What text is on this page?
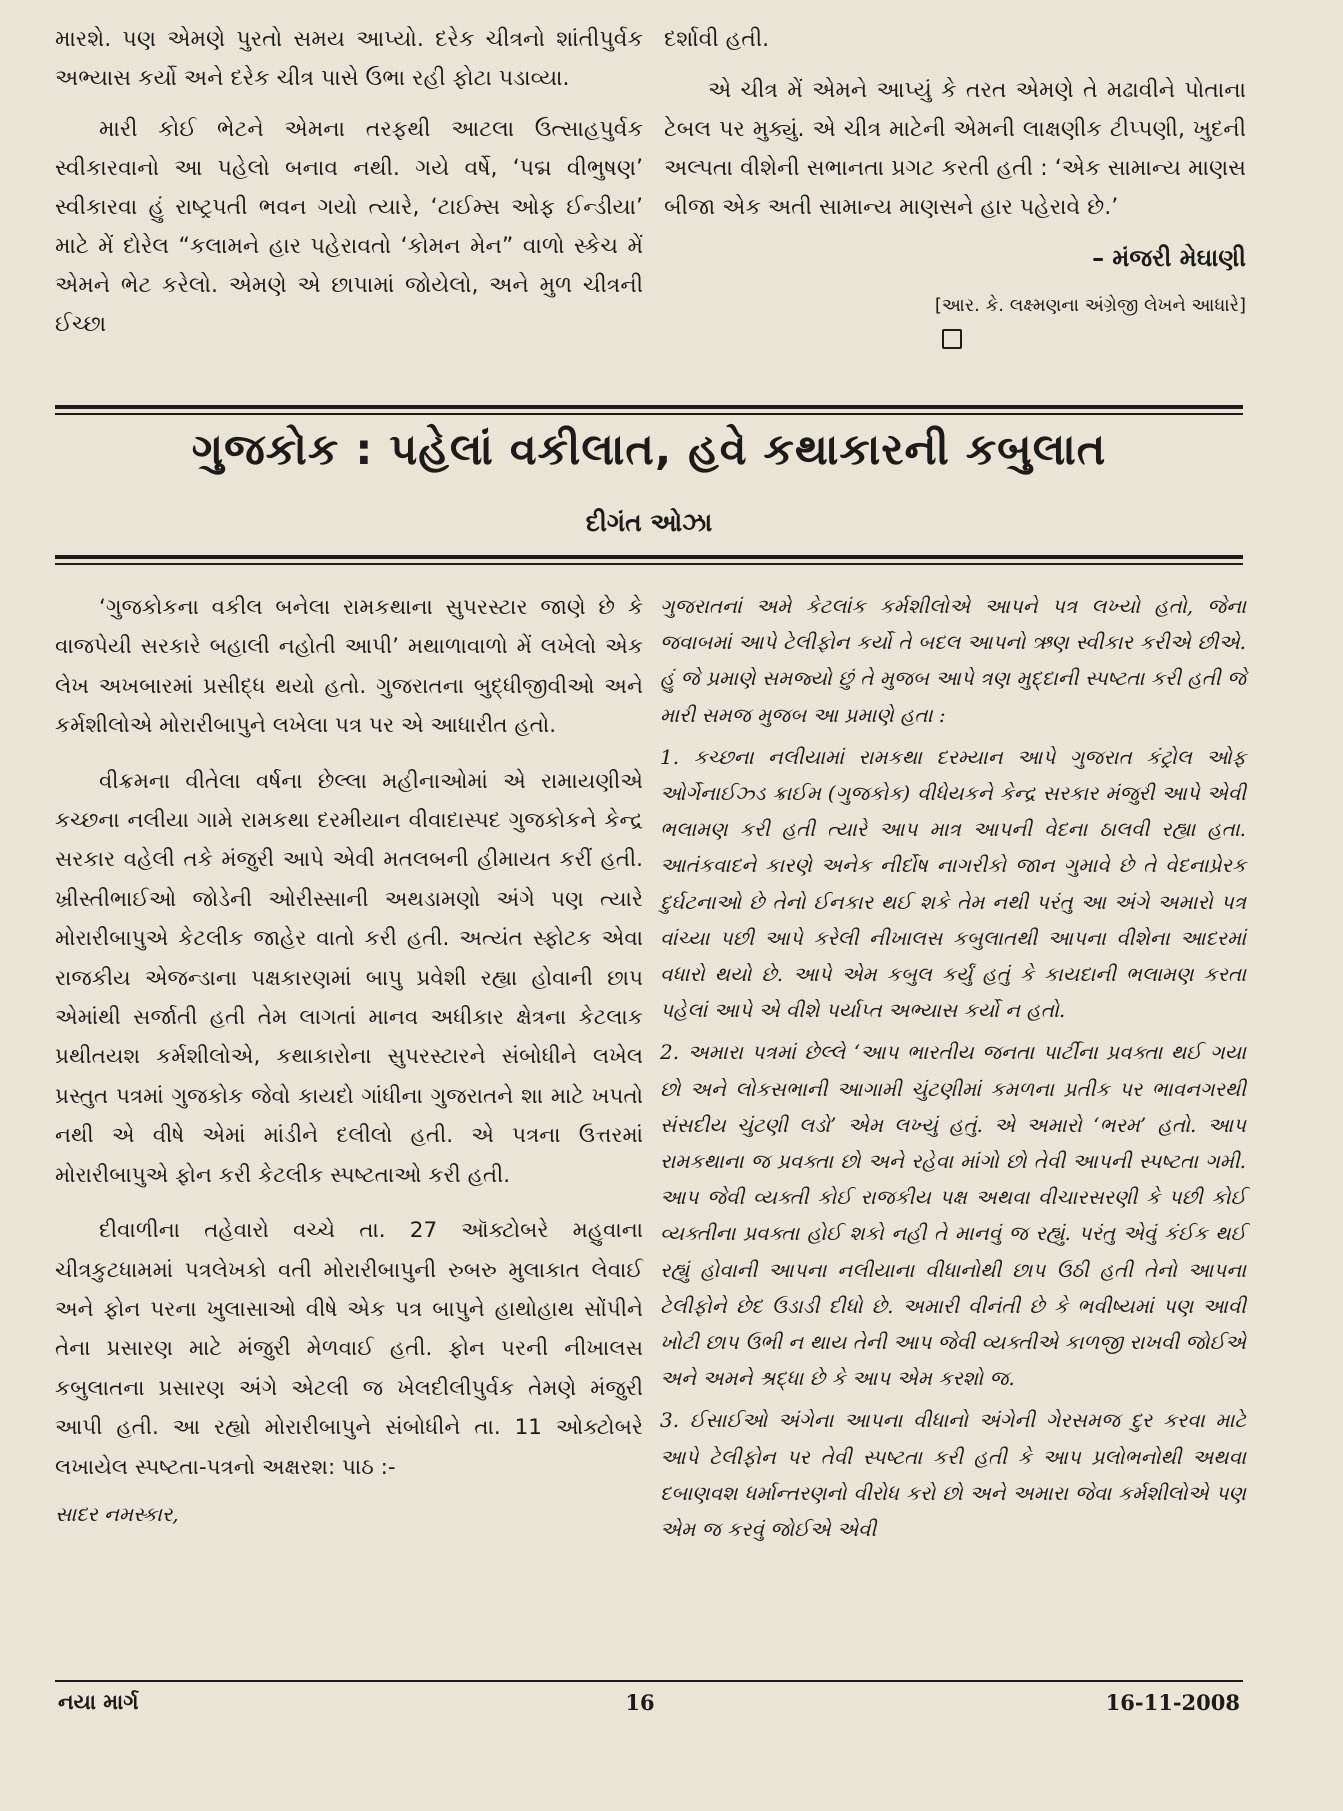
મારશે. પણ એમણે પુરતો સમય આપ્યો. દરેક ચીત્રનો શાંતીપુર્વક અભ્યાસ કર્યો અને દરેક ચીત્ર પાસે ઉભા રહી ફોટા પડાવ્યા.

મારી કોઈ ભેટને એમના તરફથી આટલા ઉત્સાહપુર્વક સ્વીકારવાનો આ પહેલો બનાવ નથી. ગયે વર્ષે, ‘પદ્મ વીભુષણ’ સ્વીકારવા હું રાષ્ટ્રપતી ભવન ગયો ત્યારે, ‘ટાઈમ્સ ઓફ ઈન્ડીયા’ માટે મેં દોરેલ “કલામને હાર પહેરાવતો ‘કોમન મેન” વાળો સ્કેચ મેં એમને ભેટ કરેલો. એમણે એ છાપામાં જોયેલો, અને મુળ ચીત્રની ઈચ્છા

દર્શાવી હતી.

એ ચીત્ર મેં એમને આપ્યું કે તરત એમણે તે મઢાવીને પોતાના ટેબલ પર મુક્યું. એ ચીત્ર માટેની એમની લાક્ષણીક ટીપ્પણી, ખુદની અલ્પતા વીશેની સભાનતા પ્રગટ કરતી હતી : ‘એક સામાન્ય માણસ બીજા એક અતી સામાન્ય માણસને હાર પહેરાવે છે.’

– મંજરી મેઘાણી

[આર. કે. લક્ષ્મણના અંગ્રેજી લેખને આધારે]

ગુજકોક : પહેલાં વકીલાત, હવે કથાકારની કબુલાત
દીગંત ઓઝા

‘ગુજકોકના વકીલ બનેલા રામકથાના સુપરસ્ટાર જાણે છે કે વાજપેયી સરકારે બહાલી નહોતી આપી’ મથાળાવાળો મેં લખેલો એક લેખ અખબારમાં પ્રસીદ્ધ થયો હતો. ગુજરાતના બુદ્ધીજીવીઓ અને કર્મશીલોએ મોરારીબાપુને લખેલા પત્ર પર એ આધારીત હતો.

વીક્રમના વીતેલા વર્ષના છેલ્લા મહીનાઓમાં એ રામાયણીએ કચ્છના નલીયા ગામે રામકથા દરમીયાન વીવાદાસ્પદ ગુજકોકને કેન્દ્ર સરકાર વહેલી તકે મંજુરી આપે એવી મતલબની હીમાયત કરીં હતી. ખ્રીસ્તીભાઈઓ જોડેની ઓરીસ્સાની અથડામણો અંગે પણ ત્યારે મોરારીબાપુએ કેટલીક જાહેર વાતો કરી હતી. અત્યંત સ્ફોટક એવા રાજકીય એજન્ડાના પક્ષકારણમાં બાપુ પ્રવેશી રહ્યા હોવાની છાપ એમાંથી સર્જાતી હતી તેમ લાગતાં માનવ અધીકાર ક્ષેત્રના કેટલાક પ્રથીતયશ કર્મશીલોએ, કથાકારોના સુપરસ્ટારને સંબોધીને લખેલ પ્રસ્તુત પત્રમાં ગુજકોક જેવો કાયદો ગાંધીના ગુજરાતને શા માટે ખપતો નથી એ વીષે એમાં માંડીને દલીલો હતી. એ પત્રના ઉત્તરમાં મોરારીબાપુએ ફોન કરી કેટલીક સ્પષ્ટતાઓ કરી હતી.

દીવાળીના તહેવારો વચ્ચે તા. 27 ઑક્ટોબરે મહુવાના ચીત્રકુટધામમાં પત્રલેખકો વતી મોરારીબાપુની રુબરુ મુલાકાત લેવાઈ અને ફોન પરના ખુલાસાઓ વીષે એક પત્ર બાપુને હાથોહાથ સોંપીને તેના પ્રસારણ માટે મંજુરી મેળવાઈ હતી. ફોન પરની નીખાલસ કબુલાતના પ્રસારણ અંગે એટલી જ ખેલદીલીપુર્વક તેમણે મંજુરી આપી હતી. આ રહ્યો મોરારીબાપુને સંબોધીને તા. 11 ઓક્ટોબરે લખાયેલ સ્પષ્ટતા-પત્રનો અક્ષરશ: પાઠ :-

સાદર નમસ્કાર,

ગુજરાતનાં અમે કેટલાંક કર્મશીલોએ આપને પત્ર લખ્યો હતો, જેના જવાબમાં આપે ટેલીફોન કર્યો તે બદલ આપનો ઋણ સ્વીકાર કરીએ છીએ. હું જે પ્રમાણે સમજ્યો છું તે મુજબ આપે ત્રણ મુદ્દાની સ્પષ્ટતા કરી હતી જે મારી સમજ મુજબ આ પ્રમાણે હતા :

1. કચ્છના નલીયામાં રામકથા દરમ્યાન આપે ગુજરાત કંટ્રોલ ઓફ ઓર્ગેનાઈઝ્ડ ક્રાઈમ (ગુજકોક) વીધેયકને કેન્દ્ર સરકાર મંજુરી આપે એવી ભલામણ કરી હતી ત્યારે આપ માત્ર આપની વેદના ઠાલવી રહ્યા હતા. આતંકવાદને કારણે અનેક નીર્દોષ નાગરીકો જાન ગુમાવે છે તે વેદનાપ્રેરક દુર્ઘટનાઓ છે તેનો ઈનકાર થઈ શકે તેમ નથી પરંતુ આ અંગે અમારો પત્ર વાંચ્યા પછી આપે કરેલી નીખાલસ કબુલાતથી આપના વીશેના આદરમાં વધારો થયો છે. આપે એમ કબુલ કર્યું હતું કે કાયદાની ભલામણ કરતા પહેલાં આપે એ વીશે પર્યાપ્ત અભ્યાસ કર્યો ન હતો.

2. અમારા પત્રમાં છેલ્લે ‘આપ ભારતીય જનતા પાર્ટીના પ્રવક્તા થઈ ગયા છો અને લોકસભાની આગામી ચુંટણીમાં કમળના પ્રતીક પર ભાવનગરથી સંસદીય ચુંટણી લડો’ એમ લખ્યું હતું. એ અમારો ‘ભરમ’ હતો. આપ રામકથાના જ પ્રવક્તા છો અને રહેવા માંગો છો તેવી આપની સ્પષ્ટતા ગમી. આપ જેવી વ્યક્તી કોઈ રાજકીય પક્ષ અથવા વીચારસરણી કે પછી કોઈ વ્યક્તીના પ્રવક્તા હોઈ શકો નહી તે માનવું જ રહ્યું. પરંતુ એવું કંઈક થઈ રહ્યું હોવાની આપના નલીયાના વીધાનોથી છાપ ઉઠી હતી તેનો આપના ટેલીફોને છેદ ઉડાડી દીધો છે. અમારી વીનંતી છે કે ભવીષ્યમાં પણ આવી ખોટી છાપ ઉભી ન થાય તેની આપ જેવી વ્યક્તીએ કાળજી રાખવી જોઈએ અને અમને શ્રદ્ધા છે કે આપ એમ કરશો જ.

3. ઈસાઈઓ અંગેના આપના વીધાનો અંગેની ગેરસમજ દુર કરવા માટે આપે ટેલીફોન પર તેવી સ્પષ્ટતા કરી હતી કે આપ પ્રલોભનોથી અથવા દબાણવશ ધર્માન્તરણનો વીરોધ કરો છો અને અમારા જેવા કર્મશીલોએ પણ એમ જ કરવું જોઈએ એવી

નયા માર્ગ	16	16-11-2008
